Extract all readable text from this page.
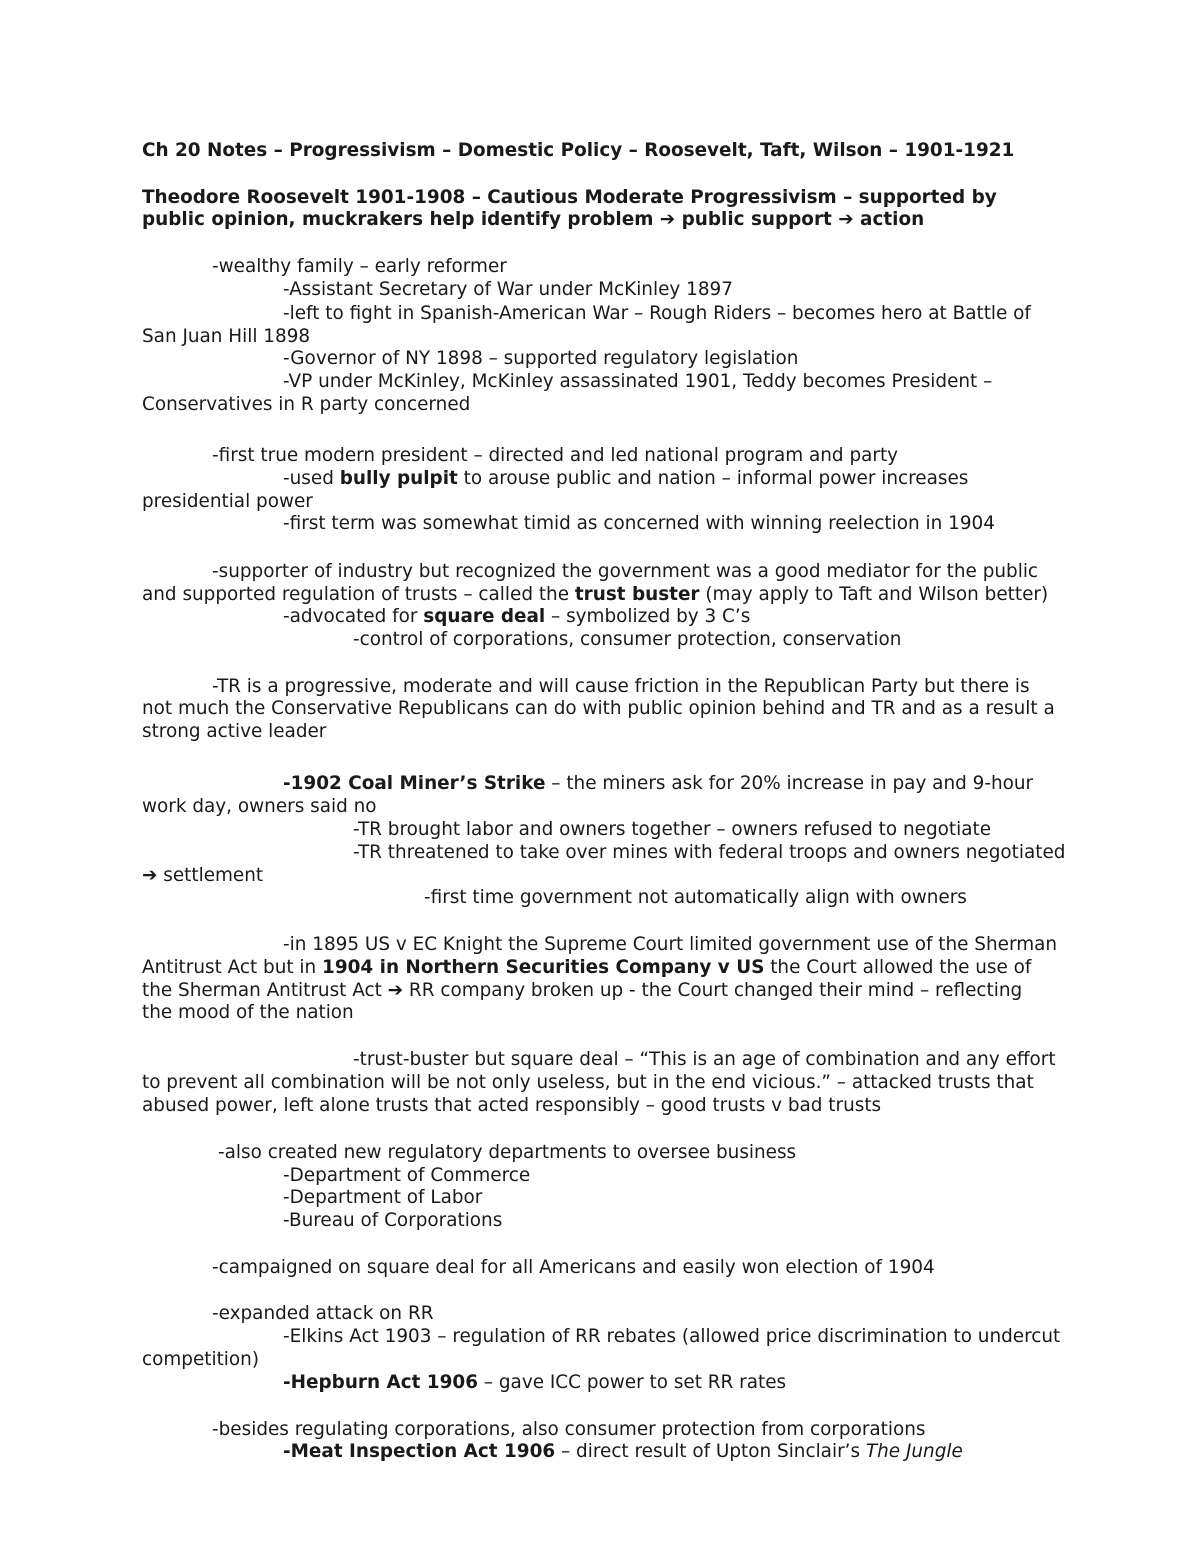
Ch 20 Notes – Progressivism – Domestic Policy – Roosevelt, Taft, Wilson – 1901-1921
Theodore Roosevelt 1901-1908 – Cautious Moderate Progressivism – supported by
public opinion, muckrakers help identify problem ➔ public support ➔ action
-wealthy family – early reformer
-Assistant Secretary of War under McKinley 1897
-left to fight in Spanish-American War – Rough Riders – becomes hero at Battle of
San Juan Hill 1898
-Governor of NY 1898 – supported regulatory legislation
-VP under McKinley, McKinley assassinated 1901, Teddy becomes President –
Conservatives in R party concerned
-first true modern president – directed and led national program and party
-used bully pulpit to arouse public and nation – informal power increases
presidential power
-first term was somewhat timid as concerned with winning reelection in 1904
-supporter of industry but recognized the government was a good mediator for the public
and supported regulation of trusts – called the trust buster (may apply to Taft and Wilson better)
-advocated for square deal – symbolized by 3 C’s
-control of corporations, consumer protection, conservation
-TR is a progressive, moderate and will cause friction in the Republican Party but there is
not much the Conservative Republicans can do with public opinion behind and TR and as a result a
strong active leader
-1902 Coal Miner’s Strike – the miners ask for 20% increase in pay and 9-hour
work day, owners said no
-TR brought labor and owners together – owners refused to negotiate
-TR threatened to take over mines with federal troops and owners negotiated
➔ settlement
-first time government not automatically align with owners
-in 1895 US v EC Knight the Supreme Court limited government use of the Sherman
Antitrust Act but in 1904 in Northern Securities Company v US the Court allowed the use of
the Sherman Antitrust Act ➔ RR company broken up - the Court changed their mind – reflecting
the mood of the nation
-trust-buster but square deal – “This is an age of combination and any effort
to prevent all combination will be not only useless, but in the end vicious.” – attacked trusts that
abused power, left alone trusts that acted responsibly – good trusts v bad trusts
-also created new regulatory departments to oversee business
-Department of Commerce
-Department of Labor
-Bureau of Corporations
-campaigned on square deal for all Americans and easily won election of 1904
-expanded attack on RR
-Elkins Act 1903 – regulation of RR rebates (allowed price discrimination to undercut
competition)
-Hepburn Act 1906 – gave ICC power to set RR rates
-besides regulating corporations, also consumer protection from corporations
-Meat Inspection Act 1906 – direct result of Upton Sinclair’s The Jungle
